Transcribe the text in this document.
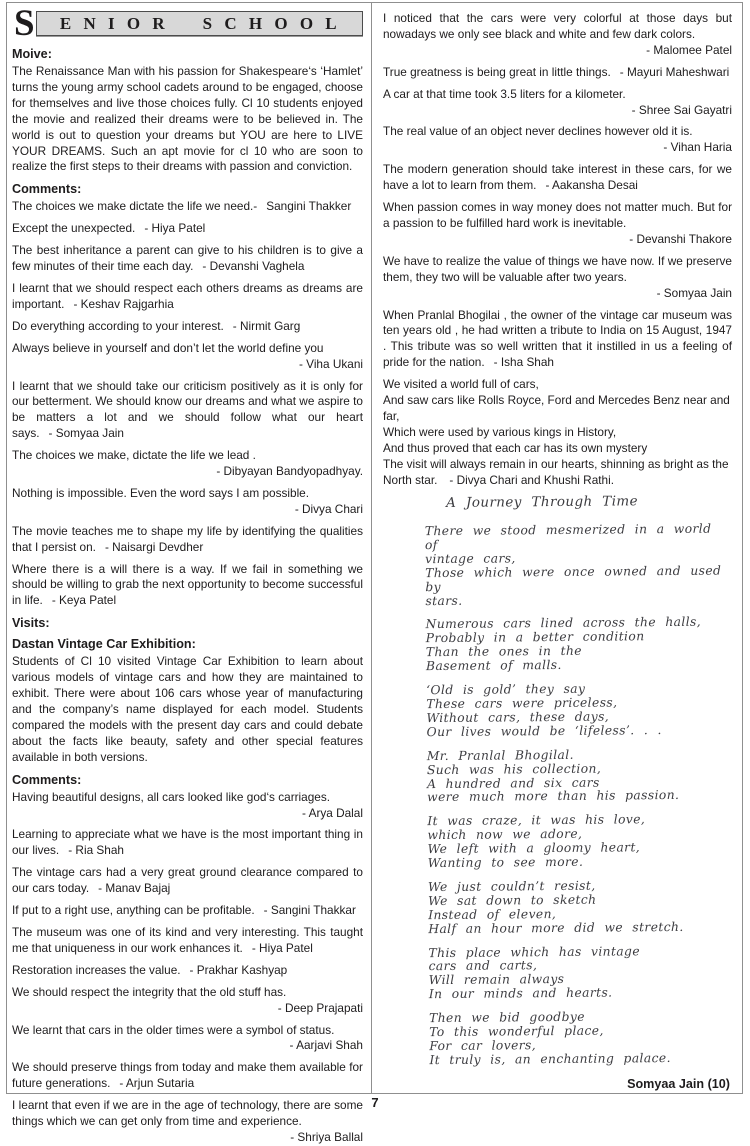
S ENIOR SCHOOL
Moive:

The Renaissance Man with his passion for Shakespeare‘s ‘Hamlet’ turns the young army school cadets around to be engaged, choose for themselves and live those choices fully. Cl 10 students enjoyed the movie and realized their dreams were to be believed in. The world is out to question your dreams but YOU are here to LIVE YOUR DREAMS. Such an apt movie for cl 10 who are soon to realize the first steps to their dreams with passion and conviction.

Comments:

The choices we make dictate the life we need.- Sangini Thakker

Except the unexpected. - Hiya Patel

The best inheritance a parent can give to his children is to give a few minutes of their time each day. - Devanshi Vaghela

I learnt that we should respect each others dreams as dreams are important. - Keshav Rajgarhia

Do everything according to your interest. - Nirmit Garg

Always believe in yourself and don’t let the world define you
- Viha Ukani

I learnt that we should take our criticism positively as it is only for our betterment. We should know our dreams and what we aspire to be matters a lot and we should follow what our heart says. - Somyaa Jain

The choices we make, dictate the life we lead .
- Dibyayan Bandyopadhyay.

Nothing is impossible. Even the word says I am possible.
- Divya Chari

The movie teaches me to shape my life by identifying the qualities that I persist on. - Naisargi Devdher

Where there is a will there is a way. If we fail in something we should be willing to grab the next opportunity to become successful in life. - Keya Patel

Visits:
Dastan Vintage Car Exhibition:

Students of Cl 10 visited Vintage Car Exhibition to learn about various models of vintage cars and how they are maintained to exhibit. There were about 106 cars whose year of manufacturing and the company’s name displayed for each model. Students compared the models with the present day cars and could debate about the facts like beauty, safety and other special features available in both versions.

Comments:

Having beautiful designs, all cars looked like god‘s carriages.
- Arya Dalal

Learning to appreciate what we have is the most important thing in our lives. - Ria Shah

The vintage cars had a very great ground clearance compared to our cars today. - Manav Bajaj

If put to a right use, anything can be profitable. - Sangini Thakkar

The museum was one of its kind and very interesting. This taught me that uniqueness in our work enhances it. - Hiya Patel

Restoration increases the value. - Prakhar Kashyap

We should respect the integrity that the old stuff has.
- Deep Prajapati

We learnt that cars in the older times were a symbol of status.
- Aarjavi Shah

We should preserve things from today and make them available for future generations. - Arjun Sutaria

I learnt that even if we are in the age of technology, there are some things which we can get only from time and experience.
- Shriya Ballal

I noticed that the cars were very colorful at those days but nowadays we only see black and white and few dark colors.
- Malomee Patel

True greatness is being great in little things. - Mayuri Maheshwari

A car at that time took 3.5 liters for a kilometer.
- Shree Sai Gayatri

The real value of an object never declines however old it is.
- Vihan Haria

The modern generation should take interest in these cars, for we have a lot to learn from them. - Aakansha Desai

When passion comes in way money does not matter much. But for a passion to be fulfilled hard work is inevitable.
- Devanshi Thakore

We have to realize the value of things we have now. If we preserve them, they two will be valuable after two years.
- Somyaa Jain

When Pranlal Bhogilai , the owner of the vintage car museum was ten years old , he had written a tribute to India on 15 August, 1947 . This tribute was so well written that it instilled in us a feeling of pride for the nation. - Isha Shah

We visited a world full of cars,
And saw cars like Rolls Royce, Ford and Mercedes Benz near and far,
Which were used by various kings in History,
And thus proved that each car has its own mystery
The visit will always remain in our hearts, shinning as bright as the North star. - Divya Chari and Khushi Rathi.
A Journey Through Time
There we stood mesmerized in a world of
vintage cars,
Those which were once owned and used by
stars.
Numerous cars lined across the halls,
Probably in a better condition
Than the ones in the
Basement of malls.
‘Old is gold’ they say
These cars were priceless,
Without cars, these days,
Our lives would be ‘lifeless’. . .
Mr. Pranlal Bhogilal.
Such was his collection,
A hundred and six cars
were much more than his passion.
It was craze, it was his love,
which now we adore,
We left with a gloomy heart,
Wanting to see more.
We just couldn’t resist,
We sat down to sketch
Instead of eleven,
Half an hour more did we stretch.
This place which has vintage
cars and carts,
Will remain always
In our minds and hearts.
Then we bid goodbye
To this wonderful place,
For car lovers,
It truly is, an enchanting palace.
Somyaa Jain (10)
7
